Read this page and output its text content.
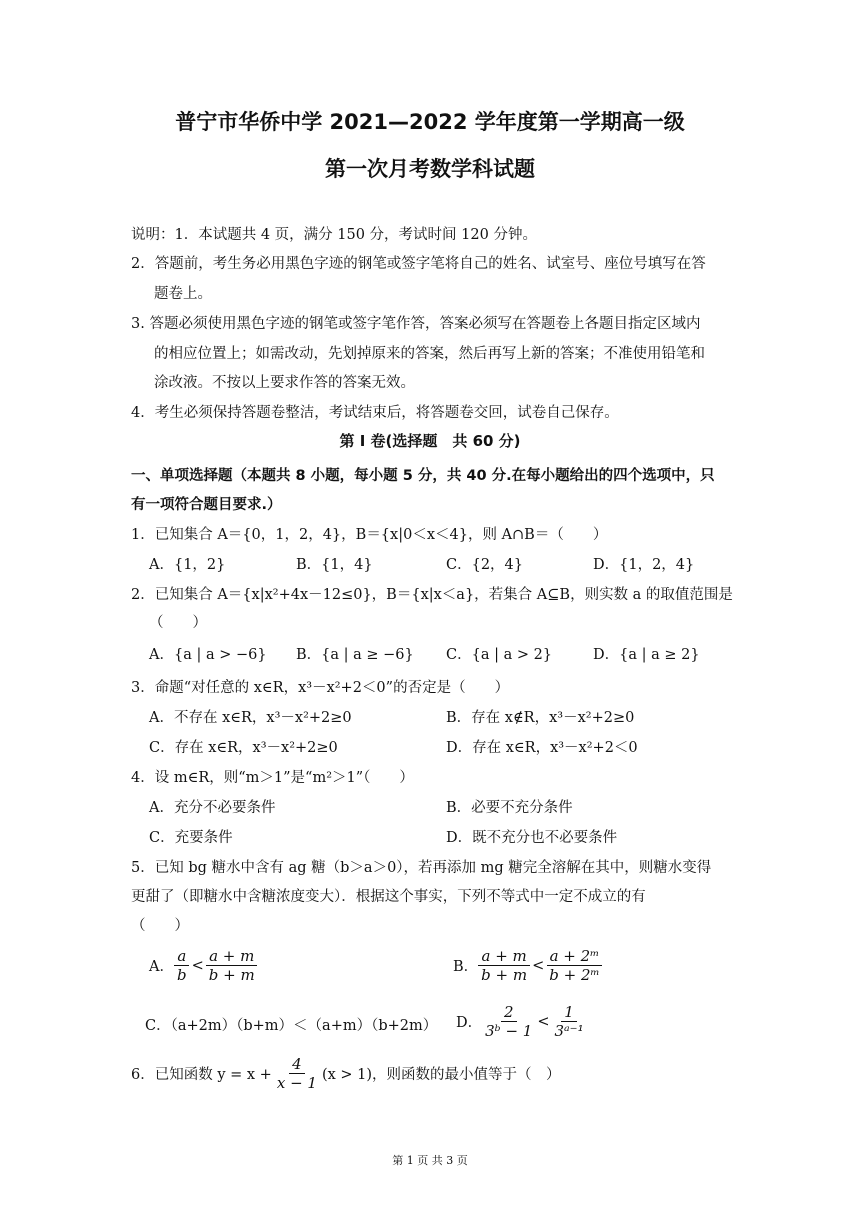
普宁市华侨中学 2021—2022 学年度第一学期高一级
第一次月考数学科试题
说明：1．本试题共 4 页，满分 150 分，考试时间 120 分钟。
2．答题前，考生务必用黑色字迹的钢笔或签字笔将自己的姓名、试室号、座位号填写在答
题卷上。
3. 答题必须使用黑色字迹的钢笔或签字笔作答，答案必须写在答题卷上各题目指定区域内
的相应位置上；如需改动，先划掉原来的答案，然后再写上新的答案；不准使用铅笔和
涂改液。不按以上要求作答的答案无效。
4．考生必须保持答题卷整洁，考试结束后，将答题卷交回，试卷自己保存。
第 I 卷(选择题　共 60 分)
一、单项选择题（本题共 8 小题，每小题 5 分，共 40 分.在每小题给出的四个选项中，只
有一项符合题目要求.）
1．已知集合 A＝{0，1，2，4}，B＝{x|0＜x＜4}，则 A∩B＝（　　）
A．{1，2}	B．{1，4}	C．{2，4}	D．{1，2，4}
2．已知集合 A＝{x|x²+4x－12≤0}，B＝{x|x＜a}，若集合 A⊆B，则实数 a 的取值范围是
（　　）
A．{a | a > −6} B．{a | a ≥ −6} C．{a | a > 2}	D．{a | a ≥ 2}
3．命题“对任意的 x∈R，x³－x²+2＜0”的否定是（　　）
A．不存在 x∈R，x³－x²+2≥0	B．存在 x∉R，x³－x²+2≥0
C．存在 x∈R，x³－x²+2≥0	D．存在 x∈R，x³－x²+2＜0
4．设 m∈R，则“m＞1”是“m²＞1”（　　）
A．充分不必要条件	B．必要不充分条件
C．充要条件	D．既不充分也不必要条件
5．已知 bg 糖水中含有 ag 糖（b＞a＞0），若再添加 mg 糖完全溶解在其中，则糖水变得
更甜了（即糖水中含糖浓度变大）．根据这个事实，下列不等式中一定不成立的有
（　　）
A． $\frac{a}{b} < \frac{a + m}{b + m}$	B． $\frac{a + m}{b + m} < \frac{\text{a + 2ᵐ}}{\text{b + 2ᵐ}}$
C．（a+2m）（b+m）＜（a+m）（b+2m） D． $\frac{2}{\text{3ᵇ − 1}} < \frac{1}{\text{3ᵃ⁻¹}}$
6．已知函数 $y = x + \frac{4}{x - 1} (x > 1)$，则函数的最小值等于（　）
第 1 页 共 3 页
